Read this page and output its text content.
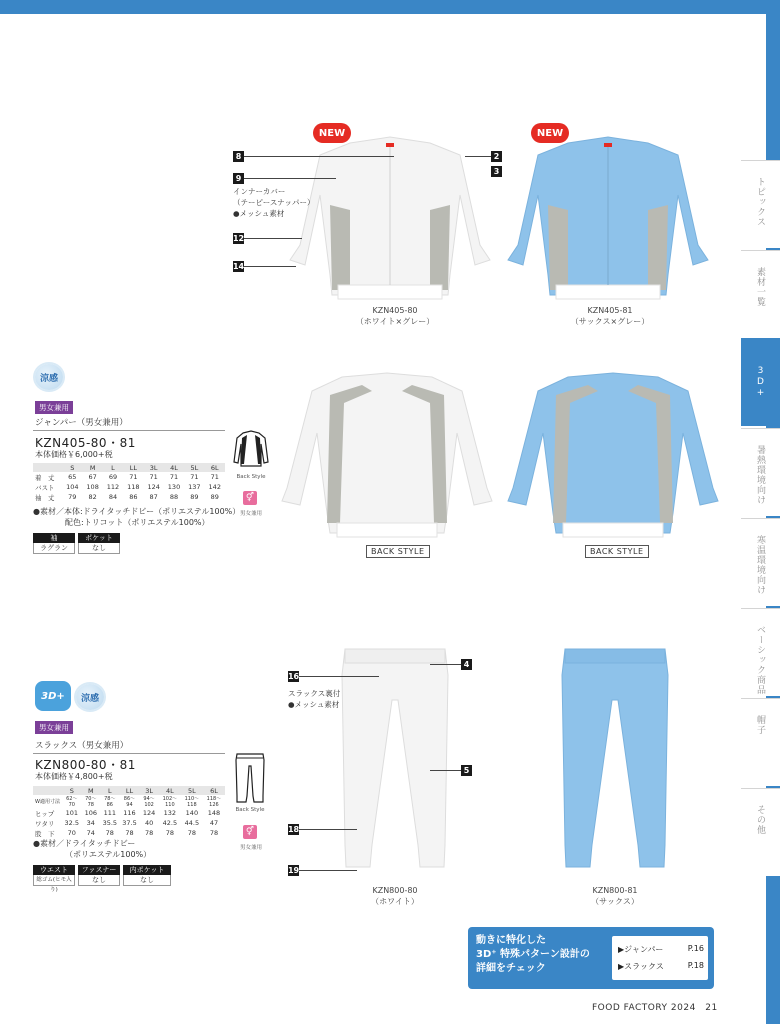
トピックス
素材一覧
3D+
暑熱環境向け
寒温環境向け
ベーシック商品
帽子
その他
NEW	NEW
8
9
インナーカバー
（テーピースナッパー）
●メッシュ素材
12
14
2
3
KZN405-80
（ホワイト×グレー）
KZN405-81
（サックス×グレー）
BACK STYLE	BACK STYLE
涼感
男女兼用
ジャンパー（男女兼用）
KZN405-80・81
本体価格￥6,000+税
	S	M	L	LL	3L	4L	5L	6L
着　丈	65	67	69	71	71	71	71	71
バスト	104	108	112	118	124	130	137	142
袖　丈	79	82	84	86	87	88	89	89
Back Style
⚥
男女兼用
●素材／本体:ドライタッチドビー（ポリエステル100%）
配色:トリコット（ポリエステル100%）
袖
ラグラン
ポケット
なし
16
スラックス裏付
●メッシュ素材
4
5
18
19
KZN800-80
（ホワイト）
KZN800-81
（サックス）
3D+	涼感
男女兼用
スラックス（男女兼用）
KZN800-80・81
本体価格￥4,800+税
	S	M	L	LL	3L	4L	5L	6L
W適用寸法	62〜70	70〜78	78〜86	86〜94	94〜102	102〜110	110〜118	118〜126
ヒップ	101	106	111	116	124	132	140	148
ワタリ	32.5	34	35.5	37.5	40	42.5	44.5	47
股　下	70	74	78	78	78	78	78	78
Back Style
⚥
男女兼用
●素材／ドライタッチドビー
（ポリエステル100%）
ウエスト
総ゴム(ヒモ入り)
ファスナー
なし
内ポケット
なし
動きに特化した
3D⁺ 特殊パターン設計の
詳細をチェック
▶ジャンパー	P.16
▶スラックス	P.18
FOOD FACTORY 2024　21
